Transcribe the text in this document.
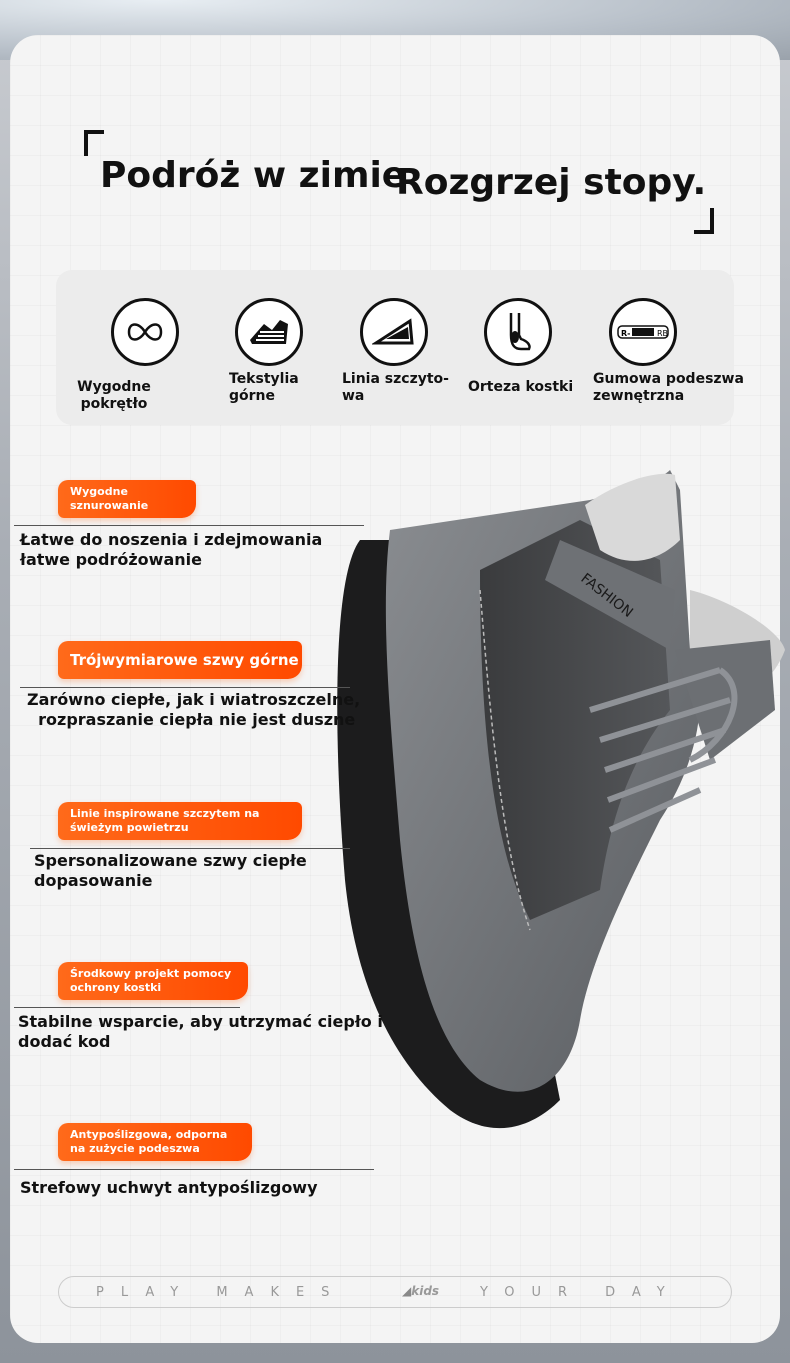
Podróż w zimie
Rozgrzej stopy.
R-	RB
Wygodne pokrętło
Tekstylia
górne
Linia szczyto-
wa
Orteza kostki Gumowa podeszwa
zewnętrzna
FASHION
Wygodne
sznurowanie
Łatwe do noszenia i zdejmowania
łatwe podróżowanie
Trójwymiarowe szwy górne
Zarówno ciepłe, jak i wiatroszczelne,
rozpraszanie ciepła nie jest duszne
Linie inspirowane szczytem na
świeżym powietrzu
Spersonalizowane szwy ciepłe
dopasowanie
Środkowy projekt pomocy
ochrony kostki
Stabilne wsparcie, aby utrzymać ciepło i
dodać kod
Antypoślizgowa, odporna
na zużycie podeszwa
Strefowy uchwyt antypoślizgowy
PLAY MAKES	◢kids	YOUR DAY
